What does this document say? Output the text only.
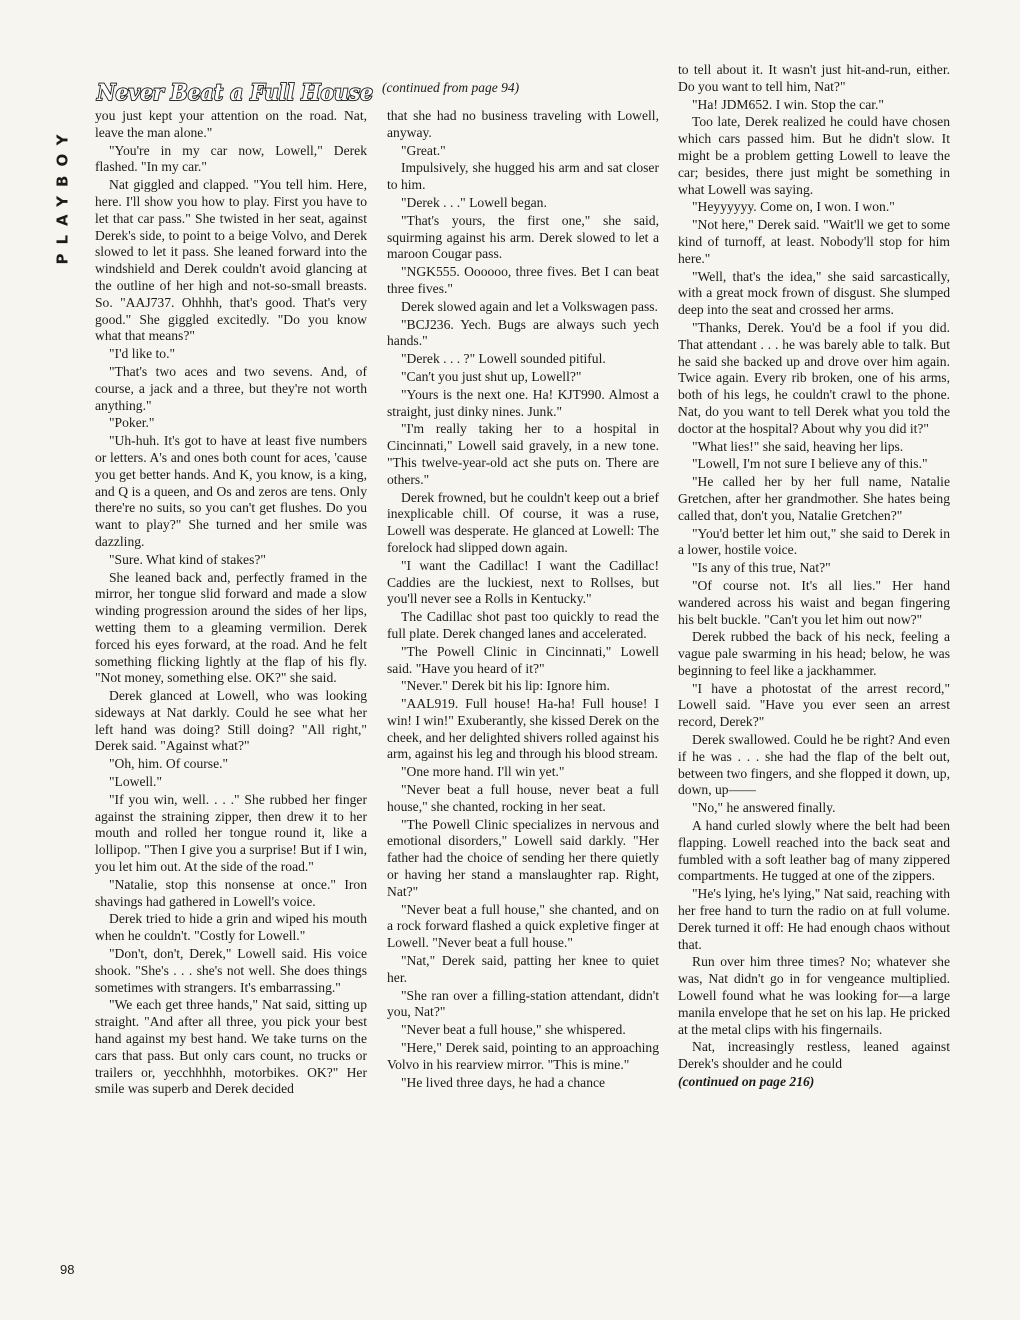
PLAYBOY
Never Beat a Full House (continued from page 94)

you just kept your attention on the road. Nat, leave the man alone."

"You're in my car now, Lowell," Derek flashed. "In my car."

Nat giggled and clapped. "You tell him. Here, here. I'll show you how to play. First you have to let that car pass." She twisted in her seat, against Derek's side, to point to a beige Volvo, and Derek slowed to let it pass. She leaned forward into the windshield and Derek couldn't avoid glancing at the outline of her high and not-so-small breasts. So. "AAJ737. Ohhhh, that's good. That's very good." She giggled excitedly. "Do you know what that means?"

"I'd like to."

"That's two aces and two sevens. And, of course, a jack and a three, but they're not worth anything."

"Poker."

"Uh-huh. It's got to have at least five numbers or letters. A's and ones both count for aces, 'cause you get better hands. And K, you know, is a king, and Q is a queen, and Os and zeros are tens. Only there're no suits, so you can't get flushes. Do you want to play?" She turned and her smile was dazzling.

"Sure. What kind of stakes?"

She leaned back and, perfectly framed in the mirror, her tongue slid forward and made a slow winding progression around the sides of her lips, wetting them to a gleaming vermilion. Derek forced his eyes forward, at the road. And he felt something flicking lightly at the flap of his fly. "Not money, something else. OK?" she said.

Derek glanced at Lowell, who was looking sideways at Nat darkly. Could he see what her left hand was doing? Still doing? "All right," Derek said. "Against what?"

"Oh, him. Of course."

"Lowell."

"If you win, well. . . ." She rubbed her finger against the straining zipper, then drew it to her mouth and rolled her tongue round it, like a lollipop. "Then I give you a surprise! But if I win, you let him out. At the side of the road."

"Natalie, stop this nonsense at once." Iron shavings had gathered in Lowell's voice.

Derek tried to hide a grin and wiped his mouth when he couldn't. "Costly for Lowell."

"Don't, don't, Derek," Lowell said. His voice shook. "She's . . . she's not well. She does things sometimes with strangers. It's embarrassing."

"We each get three hands," Nat said, sitting up straight. "And after all three, you pick your best hand against my best hand. We take turns on the cars that pass. But only cars count, no trucks or trailers or, yecchhhhh, motorbikes. OK?" Her smile was superb and Derek decided

that she had no business traveling with Lowell, anyway.

"Great."

Impulsively, she hugged his arm and sat closer to him.

"Derek . . ." Lowell began.

"That's yours, the first one," she said, squirming against his arm. Derek slowed to let a maroon Cougar pass.

"NGK555. Oooooo, three fives. Bet I can beat three fives."

Derek slowed again and let a Volkswagen pass.

"BCJ236. Yech. Bugs are always such yech hands."

"Derek . . . ?" Lowell sounded pitiful.

"Can't you just shut up, Lowell?"

"Yours is the next one. Ha! KJT990. Almost a straight, just dinky nines. Junk."

"I'm really taking her to a hospital in Cincinnati," Lowell said gravely, in a new tone. "This twelve-year-old act she puts on. There are others."

Derek frowned, but he couldn't keep out a brief inexplicable chill. Of course, it was a ruse, Lowell was desperate. He glanced at Lowell: The forelock had slipped down again.

"I want the Cadillac! I want the Cadillac! Caddies are the luckiest, next to Rollses, but you'll never see a Rolls in Kentucky."

The Cadillac shot past too quickly to read the full plate. Derek changed lanes and accelerated.

"The Powell Clinic in Cincinnati," Lowell said. "Have you heard of it?"

"Never." Derek bit his lip: Ignore him.

"AAL919. Full house! Ha-ha! Full house! I win! I win!" Exuberantly, she kissed Derek on the cheek, and her delighted shivers rolled against his arm, against his leg and through his blood stream.

"One more hand. I'll win yet."

"Never beat a full house, never beat a full house," she chanted, rocking in her seat.

"The Powell Clinic specializes in nervous and emotional disorders," Lowell said darkly. "Her father had the choice of sending her there quietly or having her stand a manslaughter rap. Right, Nat?"

"Never beat a full house," she chanted, and on a rock forward flashed a quick expletive finger at Lowell. "Never beat a full house."

"Nat," Derek said, patting her knee to quiet her.

"She ran over a filling-station attendant, didn't you, Nat?"

"Never beat a full house," she whispered.

"Here," Derek said, pointing to an approaching Volvo in his rearview mirror. "This is mine."

"He lived three days, he had a chance

to tell about it. It wasn't just hit-and-run, either. Do you want to tell him, Nat?"

"Ha! JDM652. I win. Stop the car."

Too late, Derek realized he could have chosen which cars passed him. But he didn't slow. It might be a problem getting Lowell to leave the car; besides, there just might be something in what Lowell was saying.

"Heyyyyyy. Come on, I won. I won."

"Not here," Derek said. "Wait'll we get to some kind of turnoff, at least. Nobody'll stop for him here."

"Well, that's the idea," she said sarcastically, with a great mock frown of disgust. She slumped deep into the seat and crossed her arms.

"Thanks, Derek. You'd be a fool if you did. That attendant . . . he was barely able to talk. But he said she backed up and drove over him again. Twice again. Every rib broken, one of his arms, both of his legs, he couldn't crawl to the phone. Nat, do you want to tell Derek what you told the doctor at the hospital? About why you did it?"

"What lies!" she said, heaving her lips.

"Lowell, I'm not sure I believe any of this."

"He called her by her full name, Natalie Gretchen, after her grandmother. She hates being called that, don't you, Natalie Gretchen?"

"You'd better let him out," she said to Derek in a lower, hostile voice.

"Is any of this true, Nat?"

"Of course not. It's all lies." Her hand wandered across his waist and began fingering his belt buckle. "Can't you let him out now?"

Derek rubbed the back of his neck, feeling a vague pale swarming in his head; below, he was beginning to feel like a jackhammer.

"I have a photostat of the arrest record," Lowell said. "Have you ever seen an arrest record, Derek?"

Derek swallowed. Could he be right? And even if he was . . . she had the flap of the belt out, between two fingers, and she flopped it down, up, down, up——

"No," he answered finally.

A hand curled slowly where the belt had been flapping. Lowell reached into the back seat and fumbled with a soft leather bag of many zippered compartments. He tugged at one of the zippers.

"He's lying, he's lying," Nat said, reaching with her free hand to turn the radio on at full volume. Derek turned it off: He had enough chaos without that.

Run over him three times? No; whatever she was, Nat didn't go in for vengeance multiplied. Lowell found what he was looking for—a large manila envelope that he set on his lap. He pricked at the metal clips with his fingernails.

Nat, increasingly restless, leaned against Derek's shoulder and he could

(continued on page 216)

98
